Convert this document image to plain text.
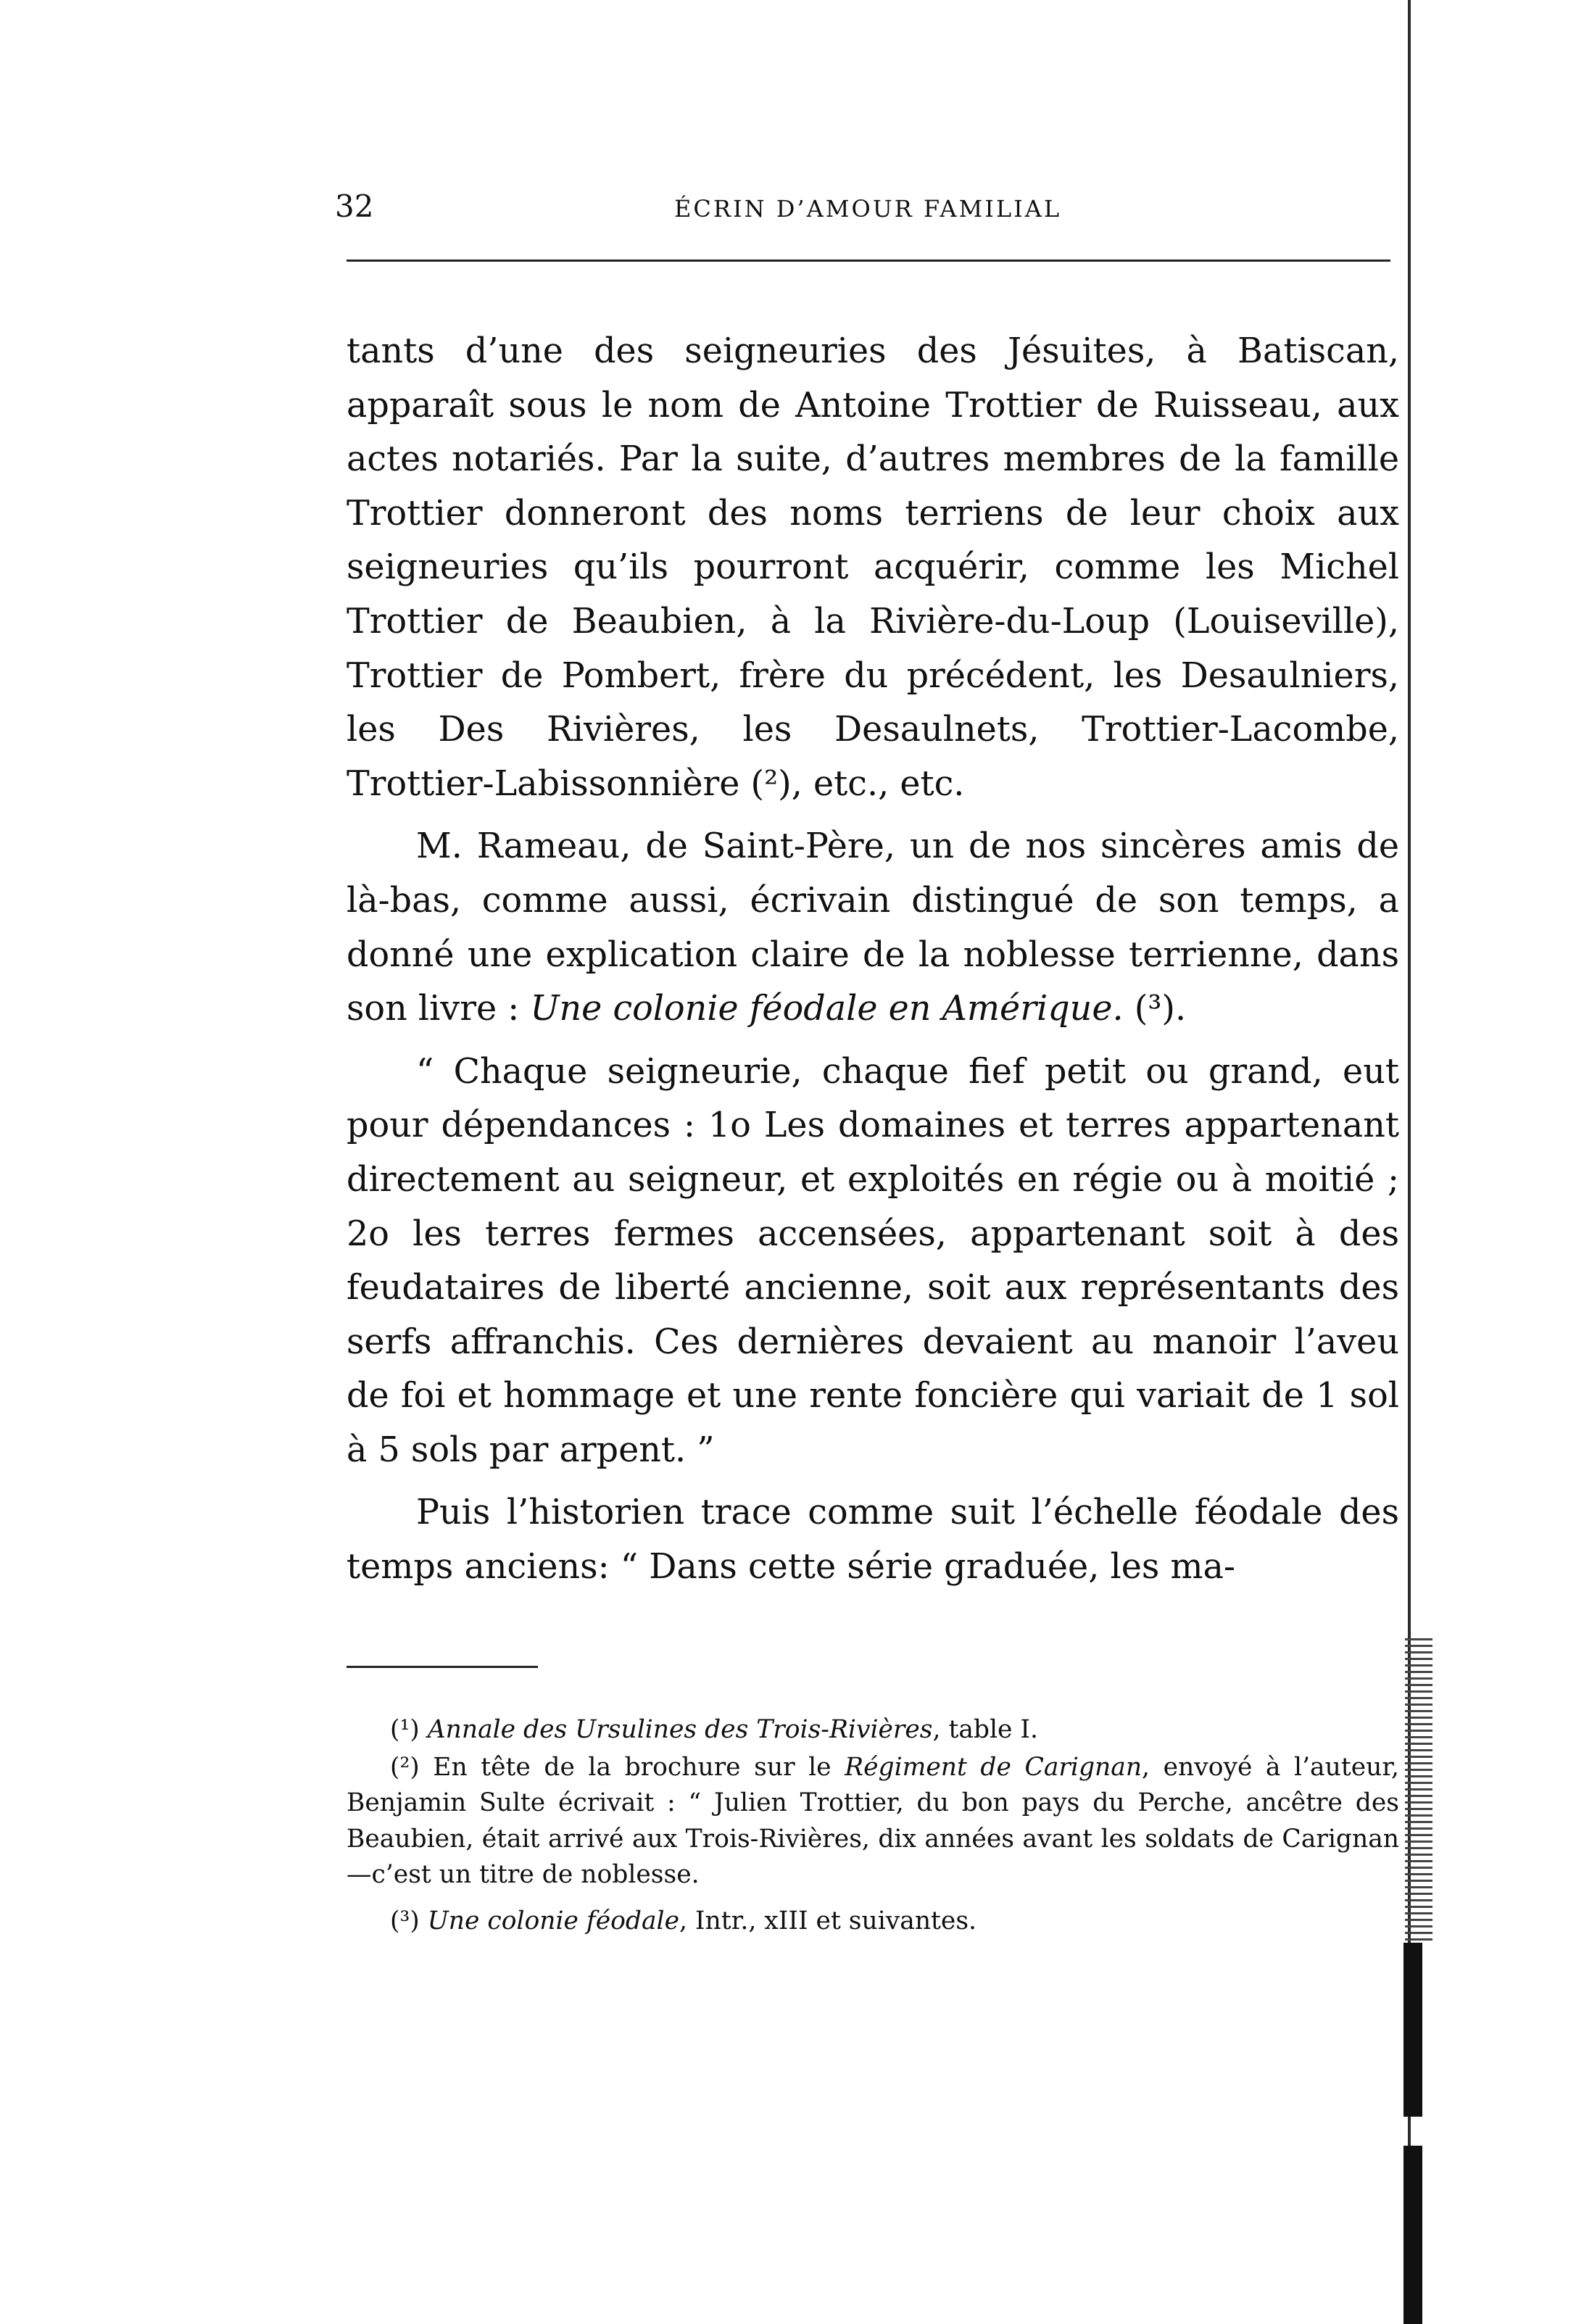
32	ÉCRIN D’AMOUR FAMILIAL

tants d’une des seigneuries des Jésuites, à Batiscan, apparaît sous le nom de Antoine Trottier de Ruisseau, aux actes notariés. Par la suite, d’autres membres de la famille Trottier donneront des noms terriens de leur choix aux seigneuries qu’ils pourront acquérir, comme les Michel Trottier de Beaubien, à la Rivière-du-Loup (Louiseville), Trottier de Pombert, frère du précédent, les Desaulniers, les Des Rivières, les Desaulnets, Trottier-Lacombe, Trottier-Labissonnière (²), etc., etc.

M. Rameau, de Saint-Père, un de nos sincères amis de là-bas, comme aussi, écrivain distingué de son temps, a donné une explication claire de la noblesse terrienne, dans son livre : Une colonie féodale en Amérique. (³).

“ Chaque seigneurie, chaque fief petit ou grand, eut pour dépendances : 1o Les domaines et terres appartenant directement au seigneur, et exploités en régie ou à moitié ; 2o les terres fermes accensées, appartenant soit à des feudataires de liberté ancienne, soit aux représentants des serfs affranchis. Ces dernières devaient au manoir l’aveu de foi et hommage et une rente foncière qui variait de 1 sol à 5 sols par arpent. ”

Puis l’historien trace comme suit l’échelle féodale des temps anciens: “ Dans cette série graduée, les ma-

(¹) Annale des Ursulines des Trois-Rivières, table I.

(²) En tête de la brochure sur le Régiment de Carignan, envoyé à l’auteur, Benjamin Sulte écrivait : “ Julien Trottier, du bon pays du Perche, ancêtre des Beaubien, était arrivé aux Trois-Rivières, dix années avant les soldats de Carignan—c’est un titre de noblesse.

(³) Une colonie féodale, Intr., xIII et suivantes.
